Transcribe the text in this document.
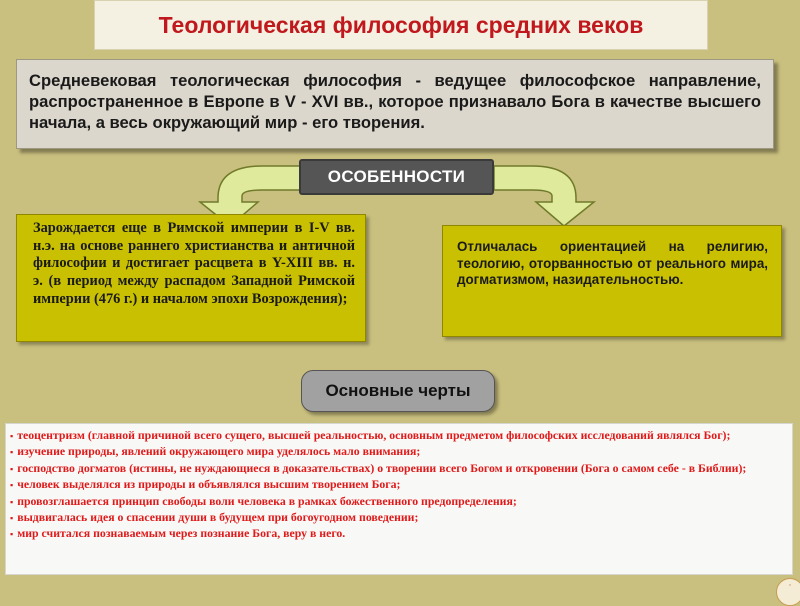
Теологическая философия средних веков
Средневековая теологическая философия - ведущее философское направление, распространенное в Европе в V - XVI вв., которое признавало Бога в качестве высшего начала, а весь окружающий мир - его творения.
ОСОБЕННОСТИ
Зарождается еще в Римской империи в I-V вв. н.э. на основе раннего христианства и античной философии и достигает расцвета в Y-XIII вв. н. э. (в период между распадом Западной Римской империи (476 г.) и началом эпохи Возрождения);
Отличалась ориентацией на религию, теологию, оторванностью от реального мира, догматизмом, назидательностью.
Основные черты
▪ теоцентризм (главной причиной всего сущего, высшей реальностью, основным предметом философских исследований являлся Бог);
▪ изучение природы, явлений окружающего мира уделялось мало внимания;
▪ господство догматов (истины, не нуждающиеся в доказательствах) о творении всего Богом и откровении (Бога о самом себе - в Библии);
▪ человек выделялся из природы и объявлялся высшим творением Бога;
▪ провозглашается принцип свободы воли человека в рамках божественного предопределения;
▪ выдвигалась идея о спасении души в будущем при богоугодном поведении;
▪ мир считался познаваемым через познание Бога, веру в него.
·
